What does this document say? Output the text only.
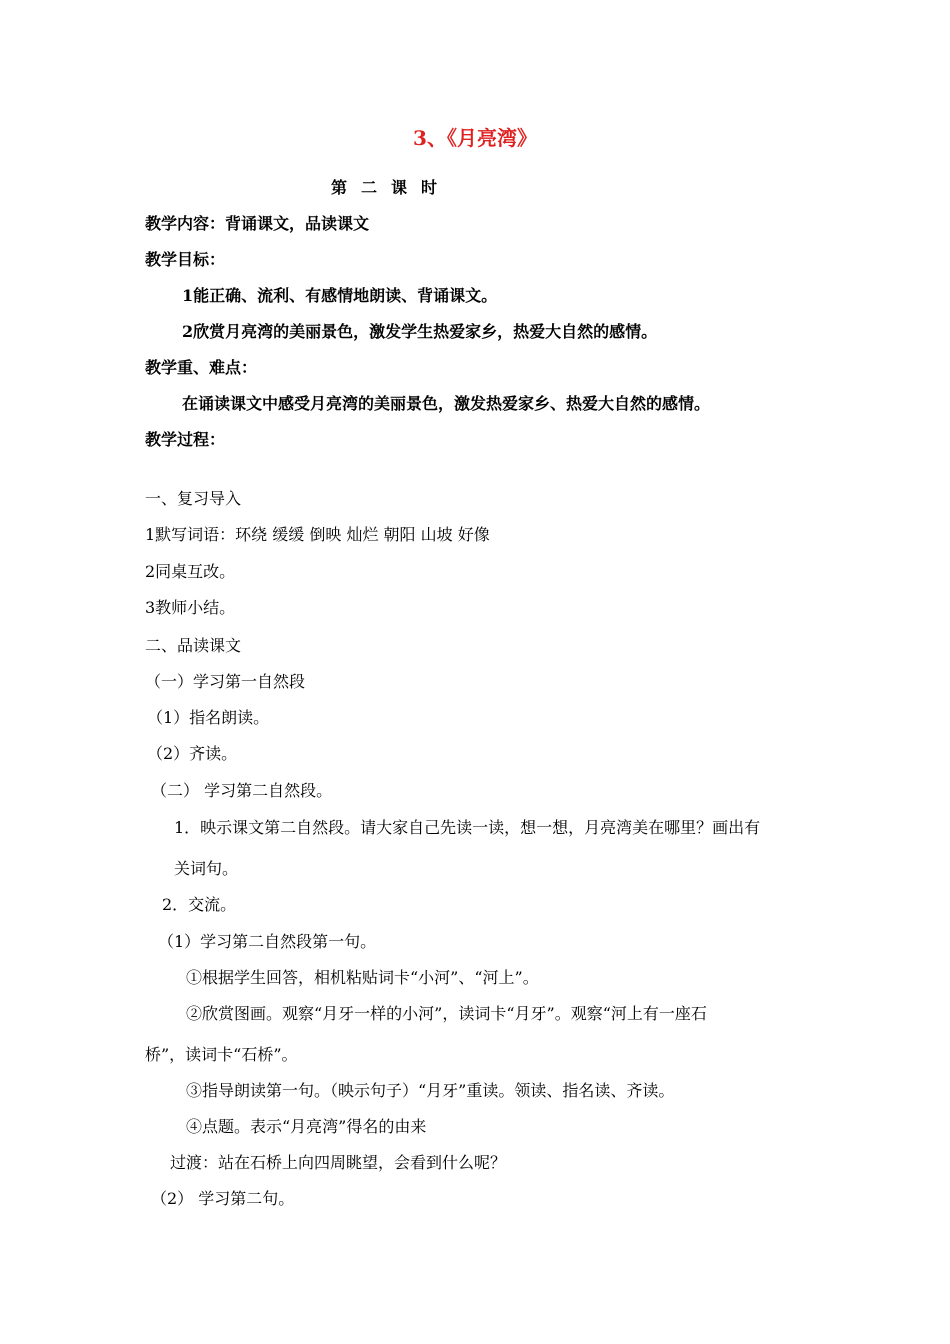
3、《月亮湾》
第二课时
教学内容：背诵课文，品读课文
教学目标：
1能正确、流利、有感情地朗读、背诵课文。
2欣赏月亮湾的美丽景色，激发学生热爱家乡，热爱大自然的感情。
教学重、难点：
在诵读课文中感受月亮湾的美丽景色，激发热爱家乡、热爱大自然的感情。
教学过程：
一、复习导入
1默写词语：环绕 缓缓 倒映 灿烂 朝阳 山坡 好像
2同桌互改。
3教师小结。
二、品读课文
（一）学习第一自然段
（1）指名朗读。
（2）齐读。
（二） 学习第二自然段。
1．映示课文第二自然段。请大家自己先读一读，想一想，月亮湾美在哪里？画出有
关词句。
2．交流。
（1）学习第二自然段第一句。
①根据学生回答，相机粘贴词卡“小河”、“河上”。
②欣赏图画。观察“月牙一样的小河”，读词卡“月牙”。观察“河上有一座石
桥”，读词卡“石桥”。
③指导朗读第一句。（映示句子）“月牙”重读。领读、指名读、齐读。
④点题。表示“月亮湾”得名的由来
过渡：站在石桥上向四周眺望，会看到什么呢？
（2） 学习第二句。
